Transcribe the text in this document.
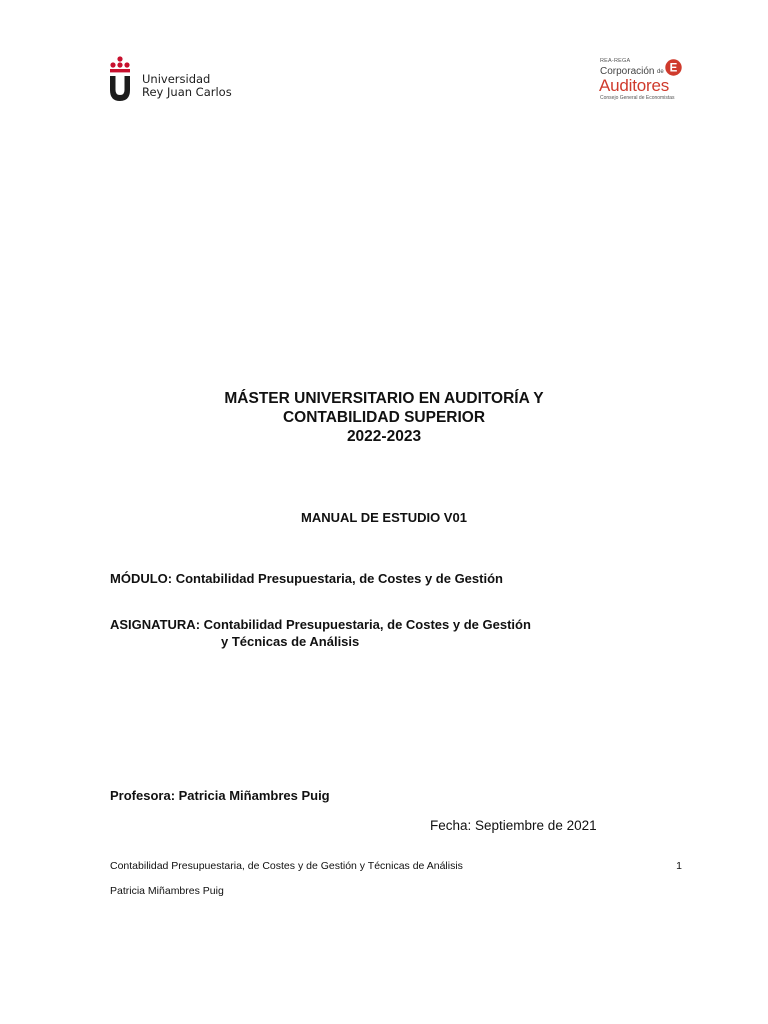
Universidad
Rey Juan Carlos
REA-REGA
Corporación de E
Auditores
Consejo General de Economistas
MÁSTER UNIVERSITARIO EN AUDITORÍA Y
CONTABILIDAD SUPERIOR
2022-2023
MANUAL DE ESTUDIO V01
MÓDULO: Contabilidad Presupuestaria, de Costes y de Gestión
ASIGNATURA: Contabilidad Presupuestaria, de Costes y de Gestión
y Técnicas de Análisis
Profesora: Patricia Miñambres Puig
Fecha: Septiembre de 2021
Contabilidad Presupuestaria, de Costes y de Gestión y Técnicas de Análisis	1
Patricia Miñambres Puig
